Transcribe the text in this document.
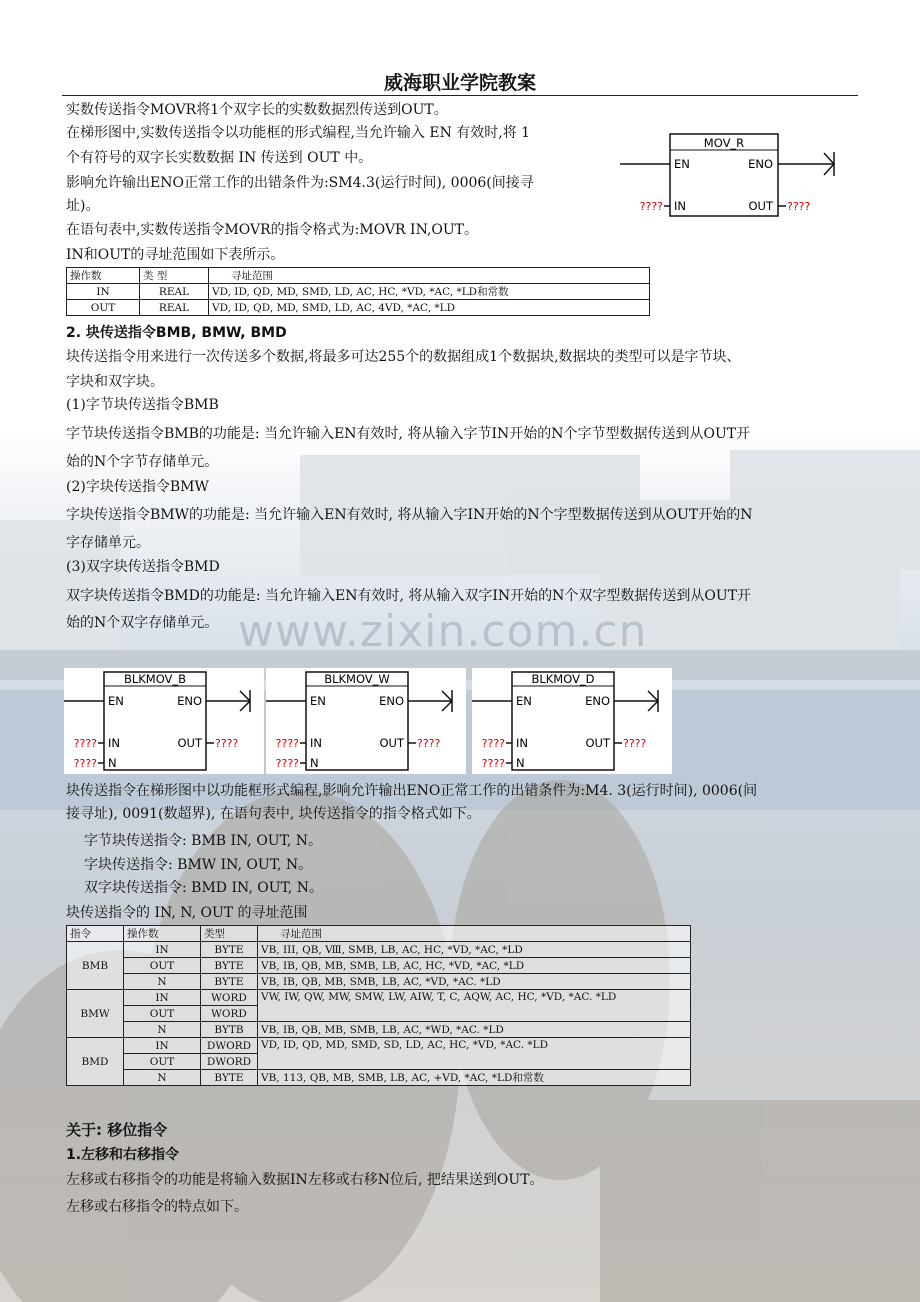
www.zixin.com.cn
威海职业学院教案
实数传送指令MOVR将1个双字长的实数数据烈传送到OUT。
在梯形图中,实数传送指令以功能框的形式编程,当允许输入 EN 有效时,将 1
个有符号的双字长实数数据 IN 传送到 OUT 中。
影响允许输出ENO正常工作的出错条件为:SM4.3(运行时间), 0006(间接寻
址)。
在语句表中,实数传送指令MOVR的指令格式为:MOVR IN,OUT。
IN和OUT的寻址范围如下表所示。
MOV_R
EN	ENO
IN	OUT
????	????
操作数	类 型	寻址范围
IN	REAL	VD, ID, QD, MD, SMD, LD, AC, HC, *VD, *AC, *LD和常数
OUT	REAL	VD, ID, QD, MD, SMD, LD, AC, 4VD, *AC, *LD
2. 块传送指令BMB, BMW, BMD
块传送指令用来进行一次传送多个数据,将最多可达255个的数据组成1个数据块,数据块的类型可以是字节块、
字块和双字块。
(1)字节块传送指令BMB
字节块传送指令BMB的功能是: 当允许输入EN有效时, 将从输入字节IN开始的N个字节型数据传送到从OUT开
始的N个字节存储单元。
(2)字块传送指令BMW
字块传送指令BMW的功能是: 当允许输入EN有效时, 将从输入字IN开始的N个字型数据传送到从OUT开始的N
字存储单元。
(3)双字块传送指令BMD
双字块传送指令BMD的功能是: 当允许输入EN有效时, 将从输入双字IN开始的N个双字型数据传送到从OUT开
始的N个双字存储单元。
BLKMOV_B
EN	ENO
IN
N
OUT
????
????
????
BLKMOV_W
EN	ENO
IN
N
OUT
????
????
????
BLKMOV_D
EN	ENO
IN
N
OUT
????
????
????
块传送指令在梯形图中以功能框形式编程,影响允许输出ENO正常工作的出错条件为:M4. 3(运行时间), 0006(间
接寻址), 0091(数超界), 在语句表中, 块传送指令的指令格式如下。
字节块传送指令: BMB IN, OUT, N。
字块传送指令: BMW IN, OUT, N。
双字块传送指令: BMD IN, OUT, N。
块传送指令的 IN, N, OUT 的寻址范围
指令	操作数	类型	寻址范围
BMB	IN	BYTE	VB, III, QB, Ⅷ, SMB, LB, AC, HC, *VD, *AC, *LD
	OUT	BYTE	VB, IB, QB, MB, SMB, LB, AC, HC, *VD, *AC, *LD
	N	BYTE	VB, IB, QB, MB, SMB, LB, AC, *VD, *AC. *LD
BMW	IN	WORD	VW, IW, QW, MW, SMW, LW, AIW, T, C, AQW, AC, HC, *VD, *AC. *LD
	OUT	WORD	
	N	BYTB	VB, IB, QB, MB, SMB, LB, AC, *WD, *AC. *LD
BMD	IN	DWORD	VD, ID, QD, MD, SMD, SD, LD, AC, HC, *VD, *AC. *LD
	OUT	DWORD	
	N	BYTE	VB, 113, QB, MB, SMB, LB, AC, +VD, *AC, *LD和常数
关于: 移位指令
1.左移和右移指令
左移或右移指令的功能是将输入数据IN左移或右移N位后, 把结果送到OUT。
左移或右移指令的特点如下。
